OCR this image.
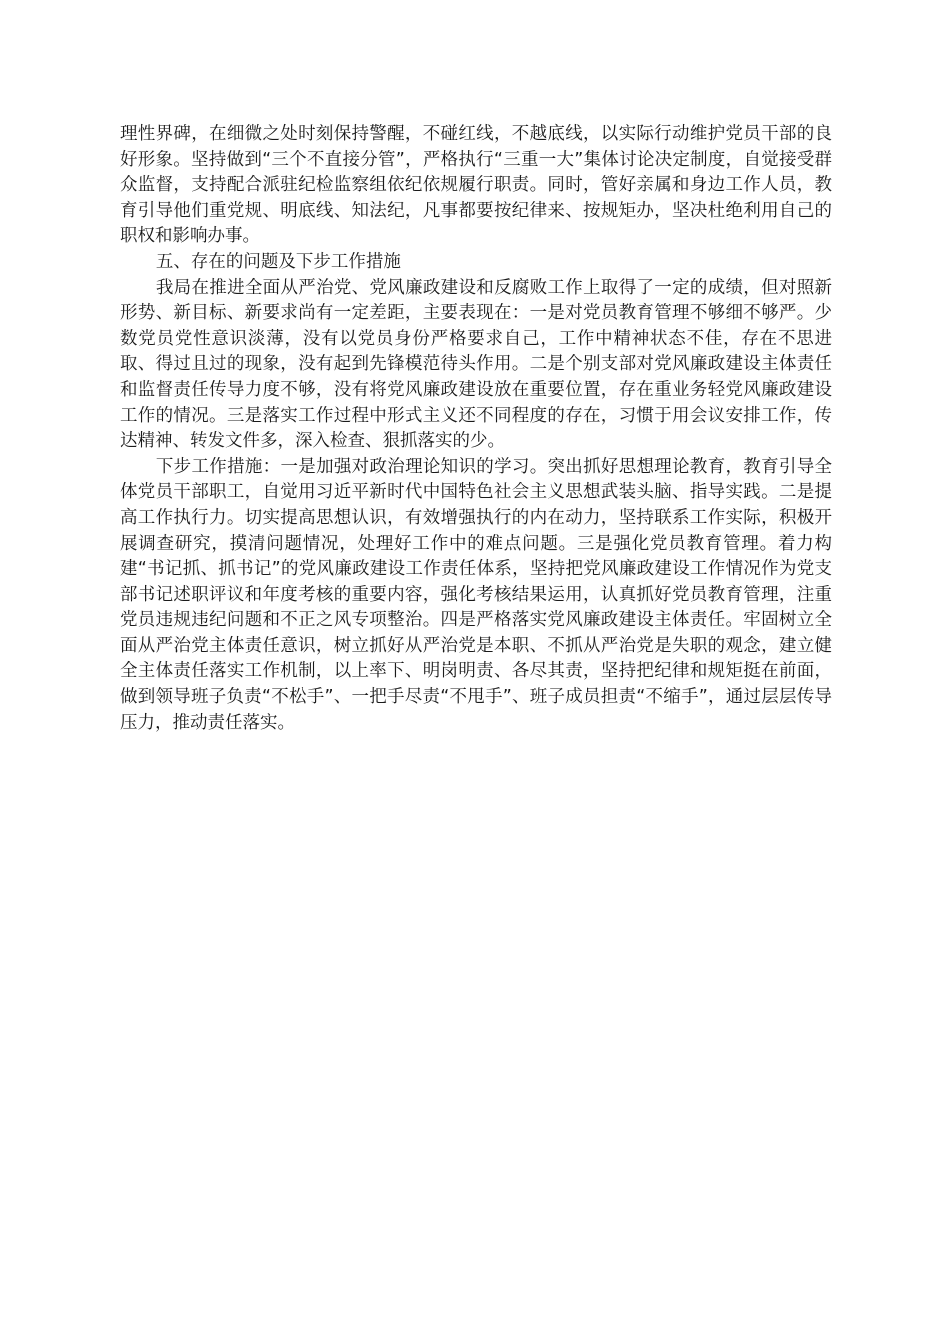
理性界碑，在细微之处时刻保持警醒，不碰红线，不越底线，以实际行动维护党员干部的良好形象。坚持做到“三个不直接分管”，严格执行“三重一大”集体讨论决定制度，自觉接受群众监督，支持配合派驻纪检监察组依纪依规履行职责。同时，管好亲属和身边工作人员，教育引导他们重党规、明底线、知法纪，凡事都要按纪律来、按规矩办，坚决杜绝利用自己的职权和影响办事。

五、存在的问题及下步工作措施

我局在推进全面从严治党、党风廉政建设和反腐败工作上取得了一定的成绩，但对照新形势、新目标、新要求尚有一定差距，主要表现在：一是对党员教育管理不够细不够严。少数党员党性意识淡薄，没有以党员身份严格要求自己，工作中精神状态不佳，存在不思进取、得过且过的现象，没有起到先锋模范待头作用。二是个别支部对党风廉政建设主体责任和监督责任传导力度不够，没有将党风廉政建设放在重要位置，存在重业务轻党风廉政建设工作的情况。三是落实工作过程中形式主义还不同程度的存在，习惯于用会议安排工作，传达精神、转发文件多，深入检查、狠抓落实的少。

下步工作措施：一是加强对政治理论知识的学习。突出抓好思想理论教育，教育引导全体党员干部职工，自觉用习近平新时代中国特色社会主义思想武装头脑、指导实践。二是提高工作执行力。切实提高思想认识，有效增强执行的内在动力，坚持联系工作实际，积极开展调查研究，摸清问题情况，处理好工作中的难点问题。三是强化党员教育管理。着力构建“书记抓、抓书记”的党风廉政建设工作责任体系，坚持把党风廉政建设工作情况作为党支部书记述职评议和年度考核的重要内容，强化考核结果运用，认真抓好党员教育管理，注重党员违规违纪问题和不正之风专项整治。四是严格落实党风廉政建设主体责任。牢固树立全面从严治党主体责任意识，树立抓好从严治党是本职、不抓从严治党是失职的观念，建立健全主体责任落实工作机制，以上率下、明岗明责、各尽其责，坚持把纪律和规矩挺在前面，做到领导班子负责“不松手”、一把手尽责“不甩手”、班子成员担责“不缩手”，通过层层传导压力，推动责任落实。
